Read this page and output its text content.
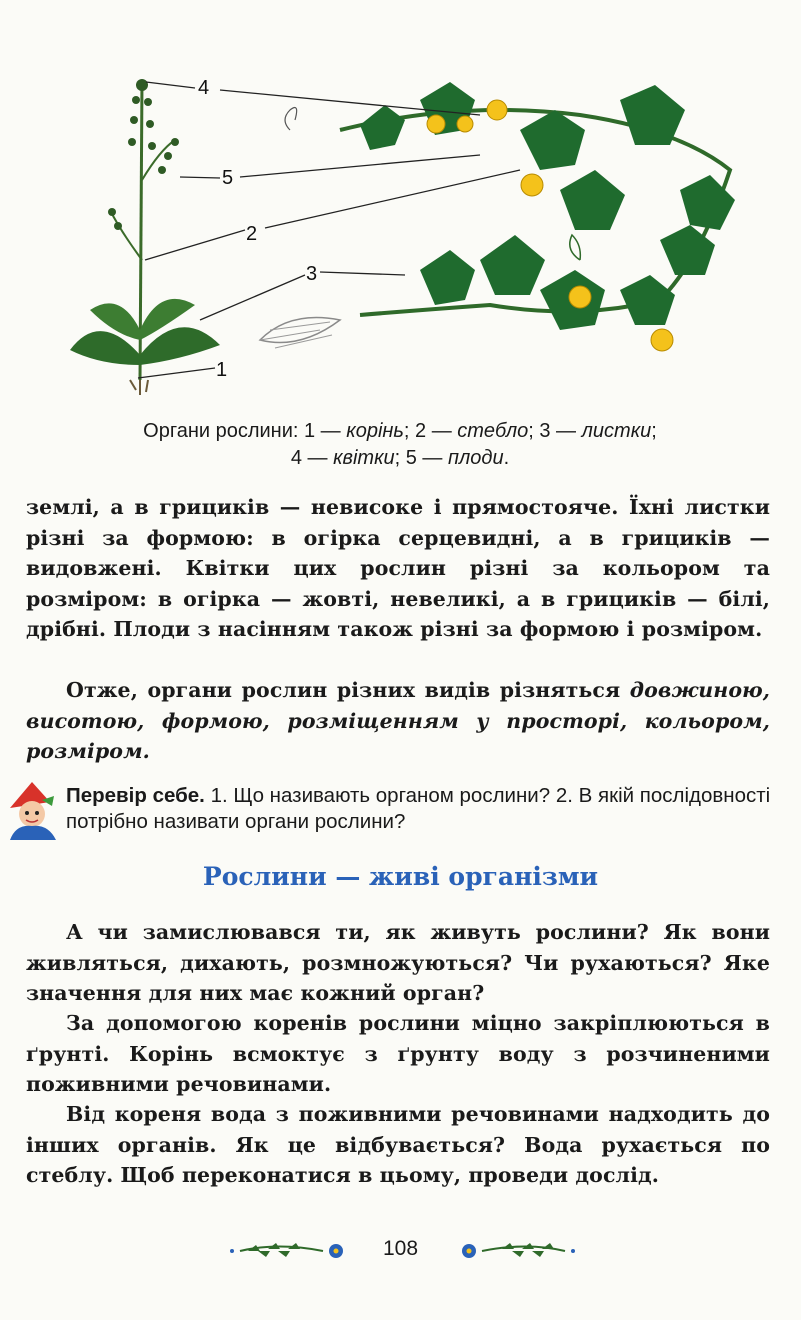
4
5
2
3
1
Органи рослини: 1 — корінь; 2 — стебло; 3 — листки;
4 — квітки; 5 — плоди.
землі, а в грициків — невисоке і прямостояче. Їхні листки різні за формою: в огірка серцевидні, а в грициків — видовжені. Квітки цих рослин різні за кольором та розміром: в огірка — жовті, невеликі, а в грициків — білі, дрібні. Плоди з насінням також різні за формою і розміром.
Отже, органи рослин різних видів різняться довжиною, висотою, формою, розміщенням у просторі, кольором, розміром.
Перевір себе. 1. Що називають органом рослини? 2. В якій послідовності потрібно називати органи рослини?
Рослини — живі організми
А чи замислювався ти, як живуть рослини? Як вони живляться, дихають, розмножуються? Чи рухаються? Яке значення для них має кожний орган?
За допомогою коренів рослини міцно закріплюються в ґрунті. Корінь всмоктує з ґрунту воду з розчиненими поживними речовинами.
Від кореня вода з поживними речовинами надходить до інших органів. Як це відбувається? Вода рухається по стеблу. Щоб переконатися в цьому, проведи дослід.
108
